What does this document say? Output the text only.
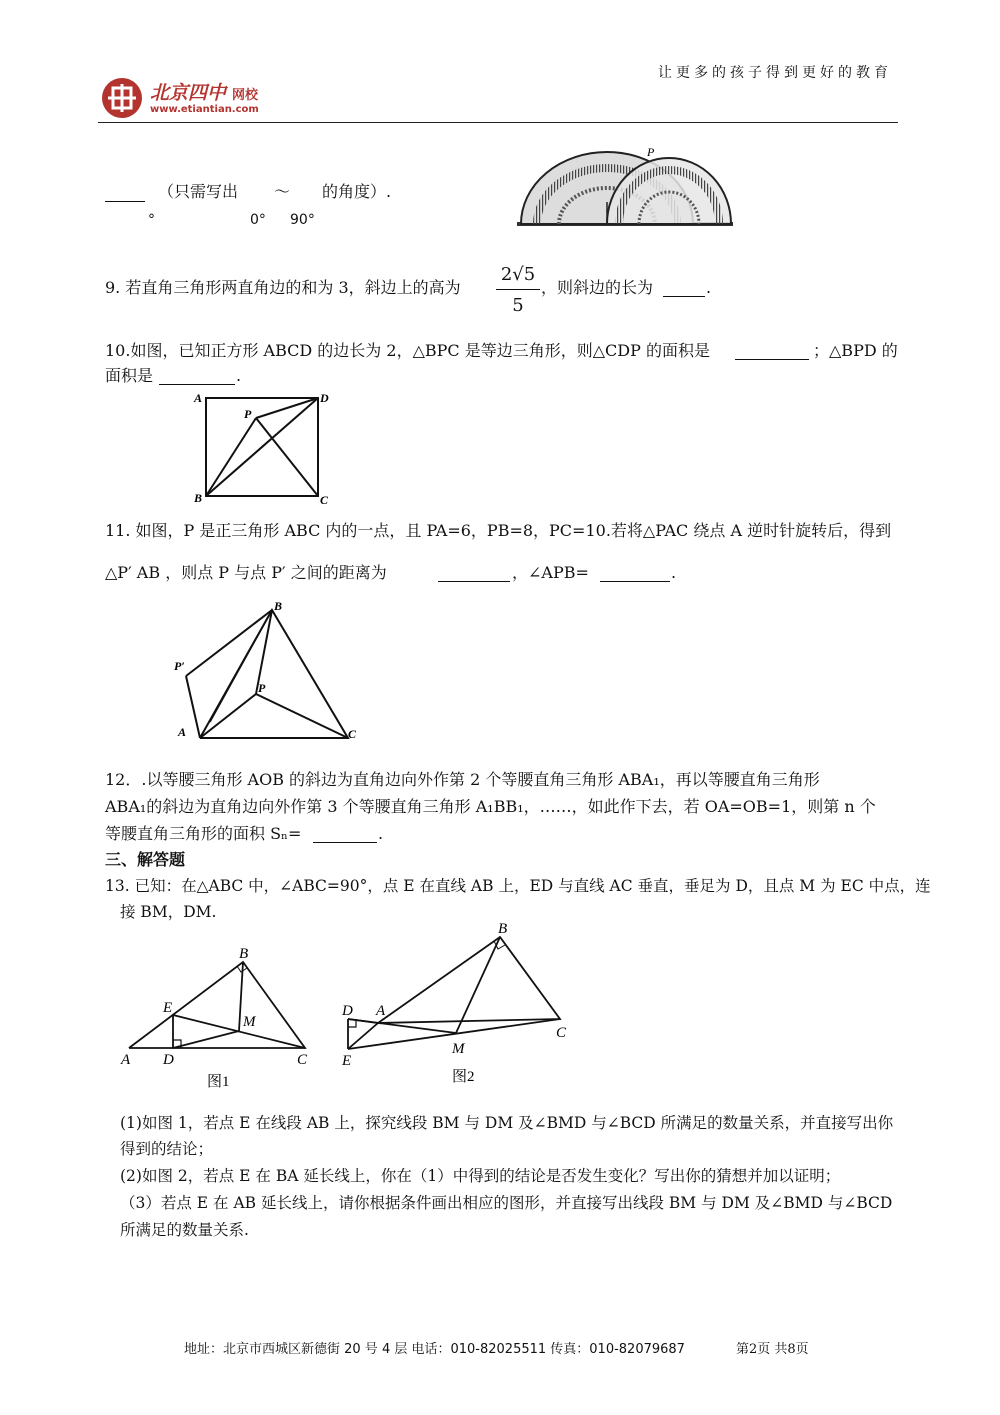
北京四中 网校
www.etiantian.com
让更多的孩子得到更好的教育
（只需写出 ～ 的角度）.
°	0° 90°
P
9. 若直角三角形两直角边的和为 3，斜边上的高为
2√5
5
，则斜边的长为	.
10.如图，已知正方形 ABCD 的边长为 2，△BPC 是等边三角形，则△CDP 的面积是	；△BPD 的
面积是	.
A	D
P
B	C
11. 如图，P 是正三角形 ABC 内的一点，且 PA=6，PB=8，PC=10.若将△PAC 绕点 A 逆时针旋转后，得到
△P′ AB ，则点 P 与点 P′ 之间的距离为	，∠APB=	.
B
P′
P
A	C
12．.以等腰三角形 AOB 的斜边为直角边向外作第 2 个等腰直角三角形 ABA₁，再以等腰直角三角形
ABA₁的斜边为直角边向外作第 3 个等腰直角三角形 A₁BB₁，……，如此作下去，若 OA=OB=1，则第 n 个
等腰直角三角形的面积 Sₙ=	.
三、解答题
13. 已知：在△ABC 中，∠ABC=90°，点 E 在直线 AB 上，ED 与直线 AC 垂直，垂足为 D，且点 M 为 EC 中点，连
接 BM，DM.
B
E
M
A D	C
图1
B
D A
C
E
M
图2
(1)如图 1，若点 E 在线段 AB 上，探究线段 BM 与 DM 及∠BMD 与∠BCD 所满足的数量关系，并直接写出你
得到的结论；
(2)如图 2，若点 E 在 BA 延长线上，你在（1）中得到的结论是否发生变化？写出你的猜想并加以证明；
（3）若点 E 在 AB 延长线上，请你根据条件画出相应的图形，并直接写出线段 BM 与 DM 及∠BMD 与∠BCD
所满足的数量关系.
地址：北京市西城区新德街 20 号 4 层 电话：010-82025511 传真：010-82079687	第2页 共8页
